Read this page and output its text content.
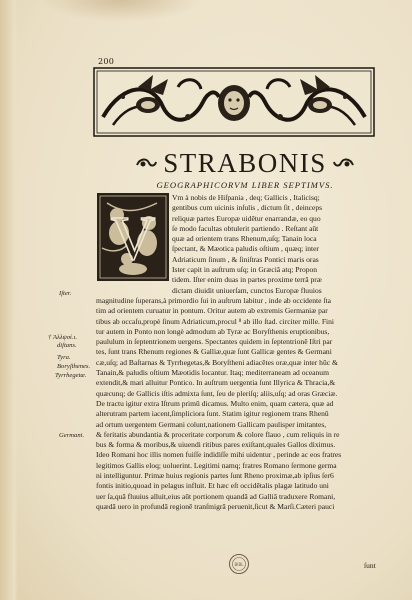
200
STRABONIS
GEOGRAPHICORVM LIBER SEPTIMVS.
Vm à nobis de Hiſpania , deq; Gallicis , Italicisq;
gentibus cum uicinis inſulis , dictum ſit , deinceps
reliquæ partes Europæ uidētur enarrandæ, eo quo
ſe modo facultas obtulerit partiendo . Reſtant aūt
quæ ad orientem trans Rhenum,uſq; Tanain loca
ſpectant, & Mæotica paludis oſtium , quæq; inter
Adriaticum ſinum , & ſiniſtras Pontici maris oras
Ister capit in auſtrum uſq; in Græciā atq; Propon
tidem. Iſter enim duas in partes proxime terrā præ
dictam diuidit uniuerſam, cunctos Europæ fluuios
magnitudine ſuperans,à primordio ſui in auſtrum labitur , inde ab occidente ſta
tim ad orientem curuatur in pontum. Oritur autem ab extremis Germaniæ par
tibus ab occaſu,propè ſinum Adriaticum,procul ⁸ ab illo ſtad. circiter mille. Fini
tur autem in Ponto non longè admodum ab Tyræ ac Boryſthenis eruptionibus,
paululum in ſeptentrionem uergens. Spectantes quidem in ſeptentrionē Iſtri par
tes, ſunt trans Rhenum regiones & Galliæ,quæ ſunt Gallicæ gentes & Germani
cæ,uſq; ad Baſtarnas & Tyrrhegetas,& Boryſtheni adiacētes oræ,quæ inter hūc &
Tanain,& paludis oſtium Mæotidis locantur. Itaq; mediterraneam ad oceanum
extendit,& mari alluitur Pontico. In auſtrum uergentia ſunt Illyrica & Thracia,&
quæcunq; de Gallicis iſtis admixta ſunt, ſeu de pleriſq; aliis,uſq; ad oras Græciæ.
De tractu igitur extra Iſtrum primū dicamus. Multo enim, quam cætera, quæ ad
alterutram partem iacent,ſimpliciora ſunt. Statim igitur regionem trans Rhenū
ad ortum uergentem Germani colunt,nationem Gallicam paulisper imitantes,
& feritatis abundantia & proceritate corporum & colore flauo , cum reliquis in re
bus & forma & moribus,& uiuendi ritibus pares exiſtant,quales Gallos diximus.
Ideo Romani hoc illis nomen fuiſſe indidiſſe mihi uidentur , perinde ac eos fratres
legitimos Gallis eloq; uoluerint. Legitimi namq; fratres Romano ſermone germa
ni intelliguntur. Primæ huius regionis partes ſunt Rheno proximæ,ab ipſius ſer6
fontis initio,quoad in pelagus influit. Et hæc eſt occidētalis plagæ latitudo uni
uer ſa,quā fluuius alluit,eius aūt portionem quandā ad Galliā traduxere Romani,
quædā uero in profundā regionē tranſmigrā peruenit,ſicut & Marſi.Cæteri pauci
V
Iſter.
† Ἀλλψσἰ.ι.
diſtans.
Tyra.
Boryſthenes.
Tyrrhegetæ.
Germani.
BIBL	ſunt
